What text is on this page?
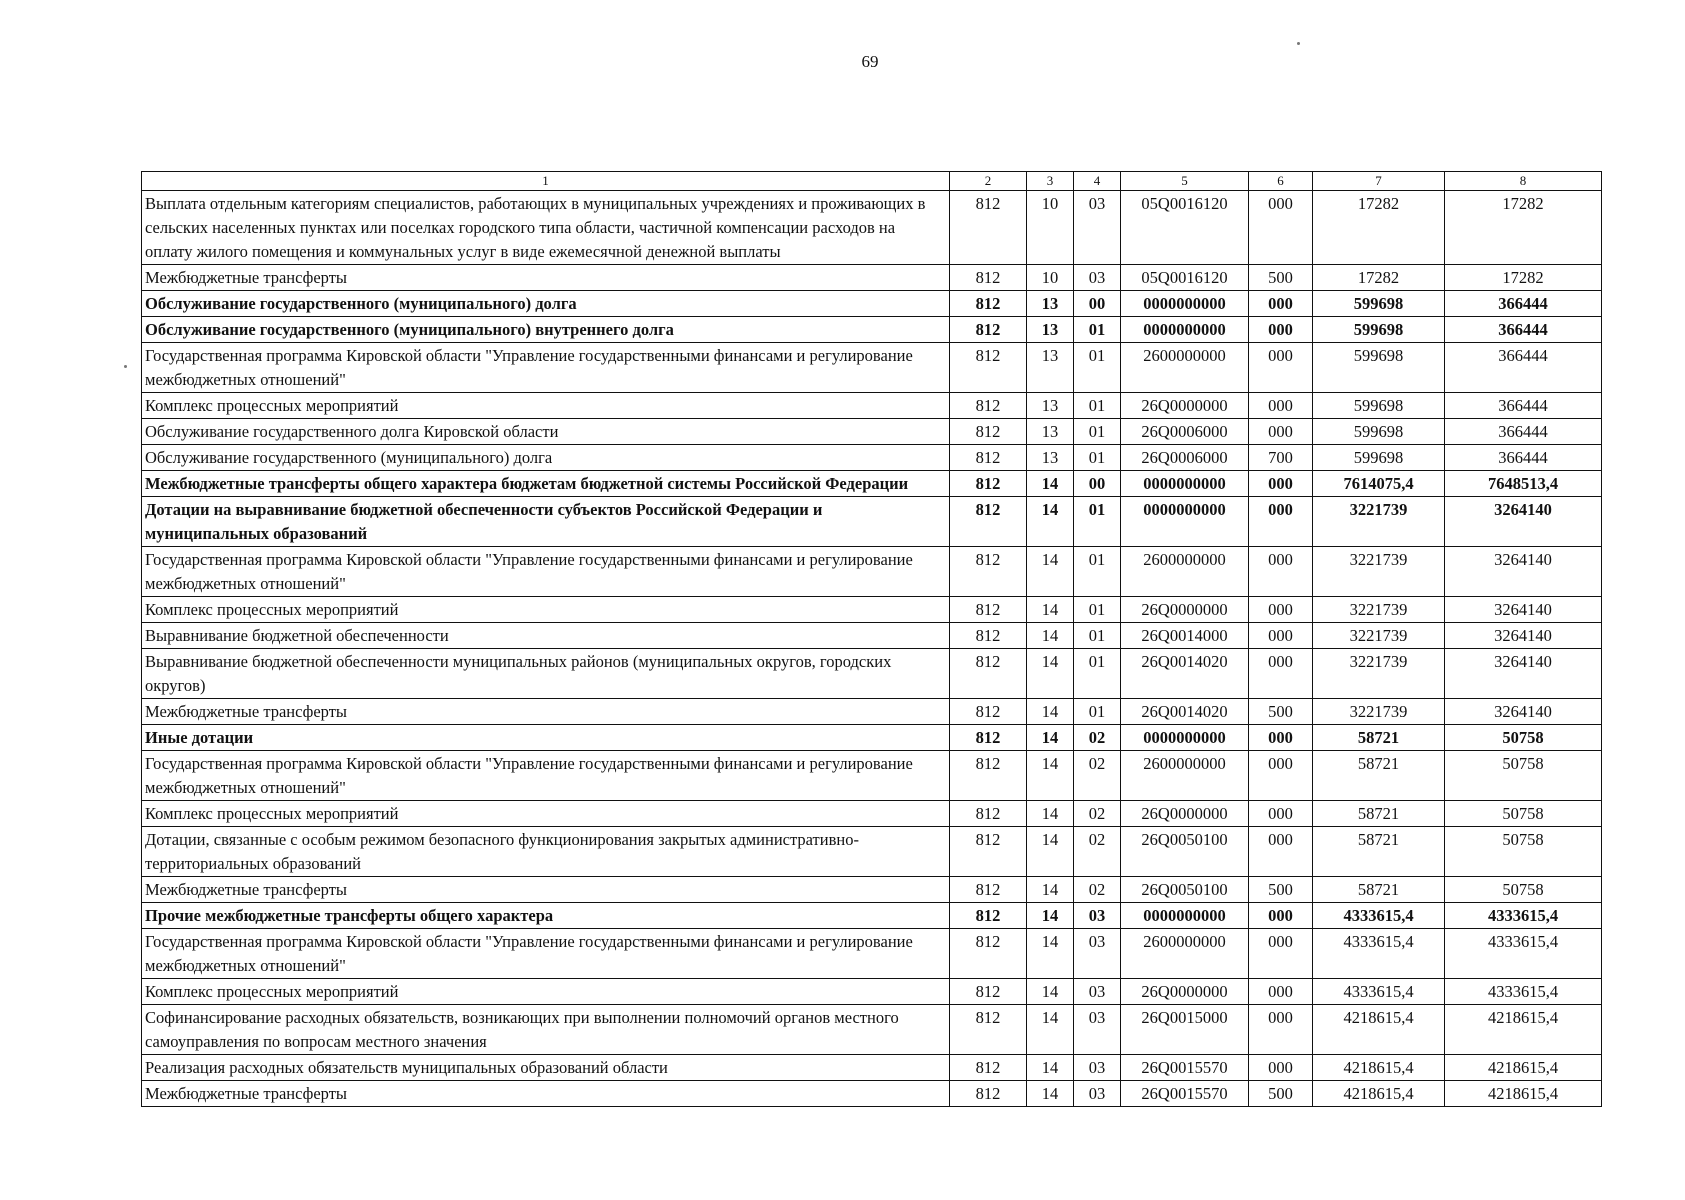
69
1	2	3	4	5	6	7	8
Выплата отдельным категориям специалистов, работающих в муниципальных учреждениях и проживающих в сельских населенных пунктах или поселках городского типа области, частичной компенсации расходов на оплату жилого помещения и коммунальных услуг в виде ежемесячной денежной выплаты	812	10	03	05Q0016120	000	17282	17282
Межбюджетные трансферты	812	10	03	05Q0016120	500	17282	17282
Обслуживание государственного (муниципального) долга	812	13	00	0000000000	000	599698	366444
Обслуживание государственного (муниципального) внутреннего долга	812	13	01	0000000000	000	599698	366444
Государственная программа Кировской области "Управление государственными финансами и регулирование межбюджетных отношений"	812	13	01	2600000000	000	599698	366444
Комплекс процессных мероприятий	812	13	01	26Q0000000	000	599698	366444
Обслуживание государственного долга Кировской области	812	13	01	26Q0006000	000	599698	366444
Обслуживание государственного (муниципального) долга	812	13	01	26Q0006000	700	599698	366444
Межбюджетные трансферты общего характера бюджетам бюджетной системы Российской Федерации	812	14	00	0000000000	000	7614075,4	7648513,4
Дотации на выравнивание бюджетной обеспеченности субъектов Российской Федерации и муниципальных образований	812	14	01	0000000000	000	3221739	3264140
Государственная программа Кировской области "Управление государственными финансами и регулирование межбюджетных отношений"	812	14	01	2600000000	000	3221739	3264140
Комплекс процессных мероприятий	812	14	01	26Q0000000	000	3221739	3264140
Выравнивание бюджетной обеспеченности	812	14	01	26Q0014000	000	3221739	3264140
Выравнивание бюджетной обеспеченности муниципальных районов (муниципальных округов, городских округов)	812	14	01	26Q0014020	000	3221739	3264140
Межбюджетные трансферты	812	14	01	26Q0014020	500	3221739	3264140
Иные дотации	812	14	02	0000000000	000	58721	50758
Государственная программа Кировской области "Управление государственными финансами и регулирование межбюджетных отношений"	812	14	02	2600000000	000	58721	50758
Комплекс процессных мероприятий	812	14	02	26Q0000000	000	58721	50758
Дотации, связанные с особым режимом безопасного функционирования закрытых административно-территориальных образований	812	14	02	26Q0050100	000	58721	50758
Межбюджетные трансферты	812	14	02	26Q0050100	500	58721	50758
Прочие межбюджетные трансферты общего характера	812	14	03	0000000000	000	4333615,4	4333615,4
Государственная программа Кировской области "Управление государственными финансами и регулирование межбюджетных отношений"	812	14	03	2600000000	000	4333615,4	4333615,4
Комплекс процессных мероприятий	812	14	03	26Q0000000	000	4333615,4	4333615,4
Софинансирование расходных обязательств, возникающих при выполнении полномочий органов местного самоуправления по вопросам местного значения	812	14	03	26Q0015000	000	4218615,4	4218615,4
Реализация расходных обязательств муниципальных образований области	812	14	03	26Q0015570	000	4218615,4	4218615,4
Межбюджетные трансферты	812	14	03	26Q0015570	500	4218615,4	4218615,4
